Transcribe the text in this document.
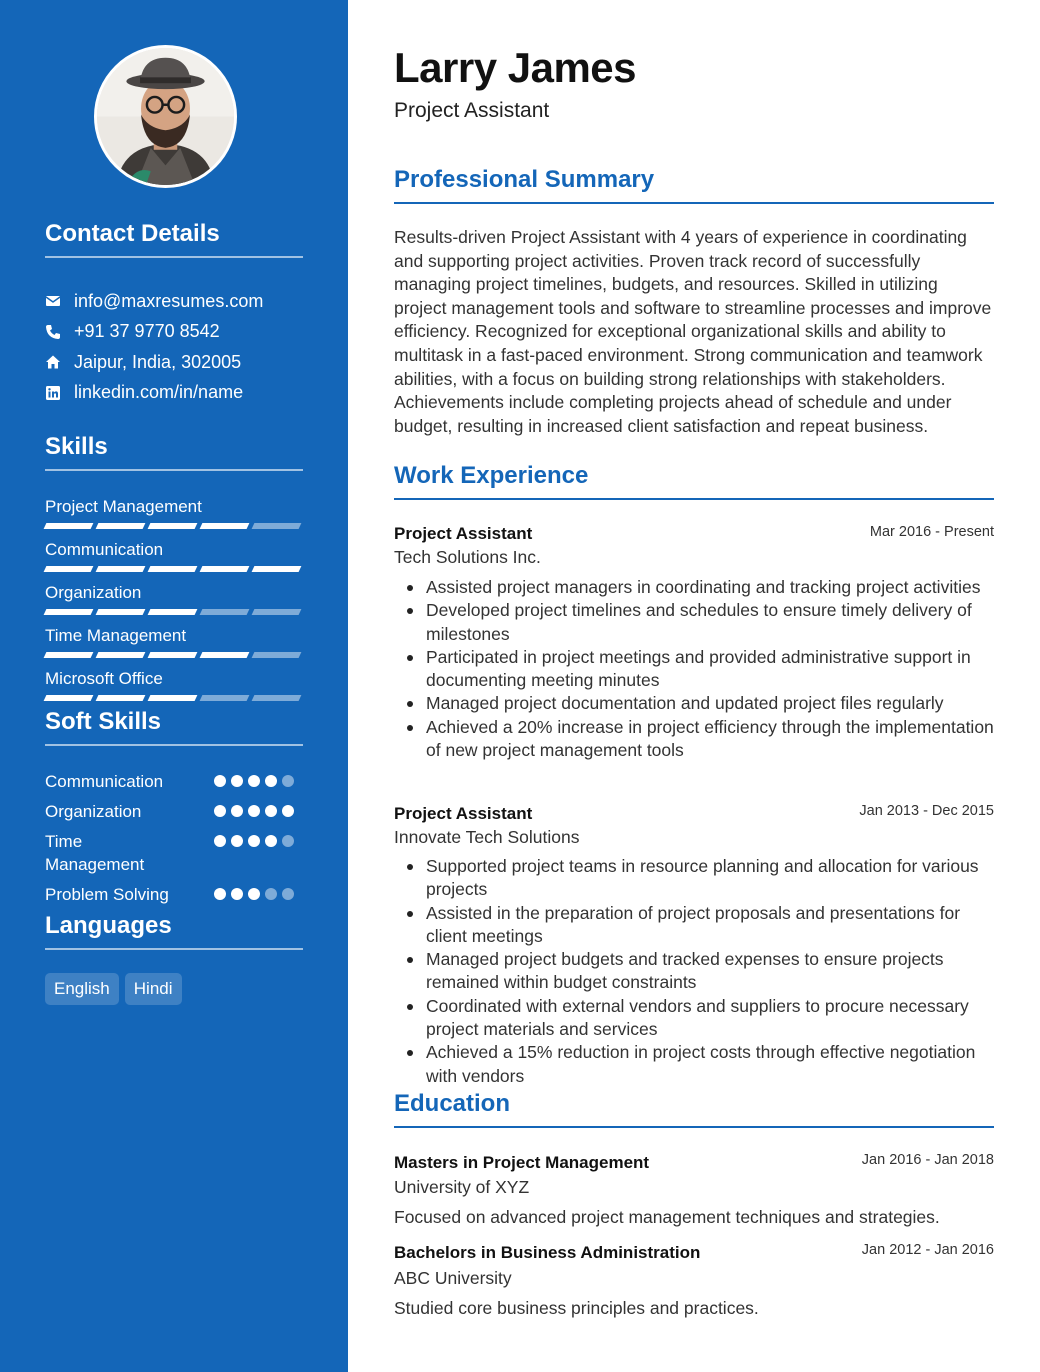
Contact Details
info@maxresumes.com
+91 37 9770 8542
Jaipur, India, 302005
linkedin.com/in/name
Skills
Project Management
Communication
Organization
Time Management
Microsoft Office
Soft Skills
Communication
Organization
Time Management
Problem Solving
Languages
English	Hindi
Larry James
Project Assistant
Professional Summary

Results-driven Project Assistant with 4 years of experience in coordinating and supporting project activities. Proven track record of successfully managing project timelines, budgets, and resources. Skilled in utilizing project management tools and software to streamline processes and improve efficiency. Recognized for exceptional organizational skills and ability to multitask in a fast-paced environment. Strong communication and teamwork abilities, with a focus on building strong relationships with stakeholders. Achievements include completing projects ahead of schedule and under budget, resulting in increased client satisfaction and repeat business.

Work Experience
Project Assistant	Mar 2016 - Present
Tech Solutions Inc.
Assisted project managers in coordinating and tracking project activities
Developed project timelines and schedules to ensure timely delivery of milestones
Participated in project meetings and provided administrative support in documenting meeting minutes
Managed project documentation and updated project files regularly
Achieved a 20% increase in project efficiency through the implementation of new project management tools
Project Assistant	Jan 2013 - Dec 2015
Innovate Tech Solutions
Supported project teams in resource planning and allocation for various projects
Assisted in the preparation of project proposals and presentations for client meetings
Managed project budgets and tracked expenses to ensure projects remained within budget constraints
Coordinated with external vendors and suppliers to procure necessary project materials and services
Achieved a 15% reduction in project costs through effective negotiation with vendors
Education
Masters in Project Management	Jan 2016 - Jan 2018
University of XYZ
Focused on advanced project management techniques and strategies.
Bachelors in Business Administration	Jan 2012 - Jan 2016
ABC University
Studied core business principles and practices.
